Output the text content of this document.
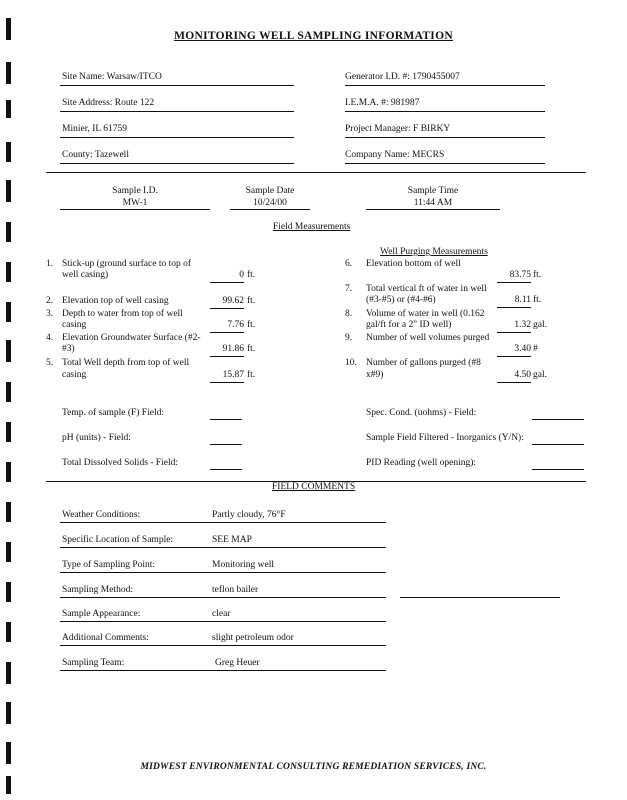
MONITORING WELL SAMPLING INFORMATION
Site Name: Warsaw/ITCO	Generator I.D. #: 1790455007
Site Address: Route 122	I.E.M.A. #: 981987
Minier, IL 61759	Project Manager: F BIRKY
County: Tazewell	Company Name: MECRS
Sample I.D.
MW-1
Sample Date
10/24/00
Sample Time
11:44 AM
Field Measurements
Well Purging Measurements
1. Stick-up (ground surface to top of
well casing)	0 ft.
2. Elevation top of well casing	99.62 ft.
3. Depth to water from top of well
casing	7.76 ft.
4. Elevation Groundwater Surface (#2-
#3)	91.86 ft.
5. Total Well depth from top of well
casing	15.87 ft.
6. Elevation bottom of well
83.75 ft.
7. Total vertical ft of water in well
(#3-#5) or (#4-#6)	8.11 ft.
8. Volume of water in well (0.162
gal/ft for a 2" ID well)	1.32 gal.
9. Number of well volumes purged
3.40 #
10. Number of gallons purged (#8
x#9)	4.50 gal.
Temp. of sample (F) Field:	Spec. Cond. (uohms) - Field:
pH (units) - Field:	Sample Field Filtered - Inorganics (Y/N):
Total Dissolved Solids - Field:	PID Reading (well opening):
FIELD COMMENTS
Weather Conditions:	Partly cloudy, 76°F
Specific Location of Sample:	SEE MAP
Type of Sampling Point:	Monitoring well
Sampling Method:	teflon bailer
Sample Appearance:	clear
Additional Comments:	slight petroleum odor
Sampling Team:	Greg Heuer
MIDWEST ENVIRONMENTAL CONSULTING REMEDIATION SERVICES, INC.
